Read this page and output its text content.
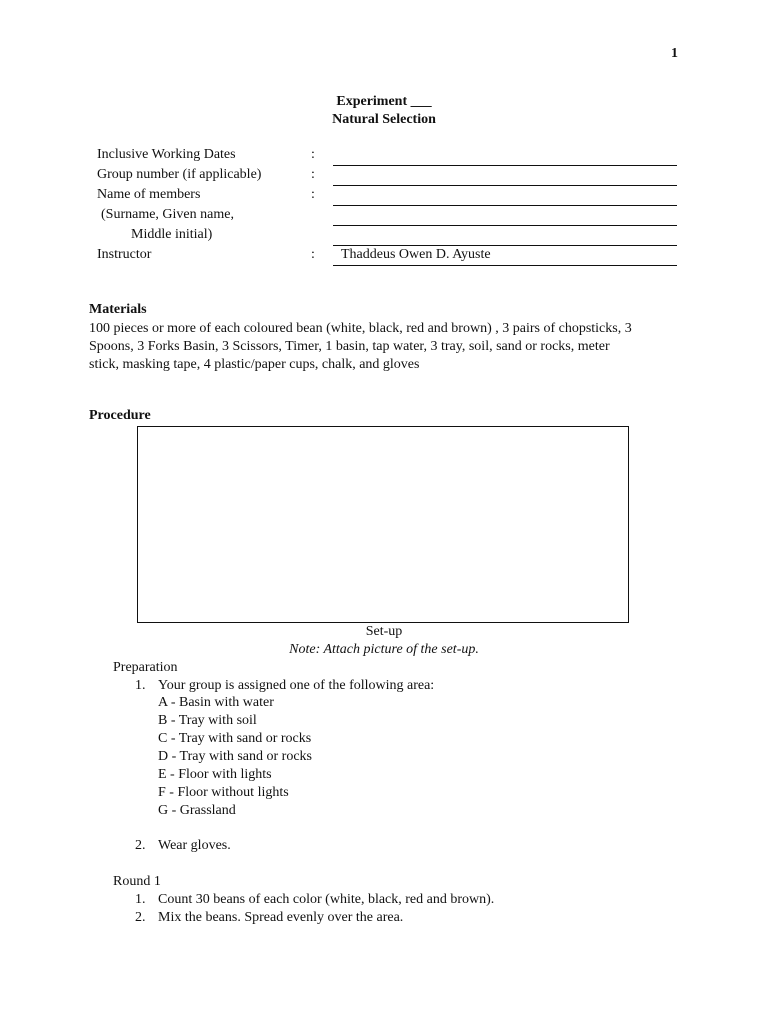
1
Experiment ___
Natural Selection
Inclusive Working Dates	:
Group number (if applicable)	:
Name of members	:
(Surname, Given name,
Middle initial)
Instructor	: Thaddeus Owen D. Ayuste
Materials
100 pieces or more of each coloured bean (white, black, red and brown) , 3 pairs of chopsticks, 3
Spoons, 3 Forks Basin, 3 Scissors, Timer, 1 basin, tap water, 3 tray, soil, sand or rocks, meter
stick, masking tape, 4 plastic/paper cups, chalk, and gloves
Procedure
Set-up
Note: Attach picture of the set-up.
Preparation
1. Your group is assigned one of the following area:
A - Basin with water
B - Tray with soil
C - Tray with sand or rocks
D - Tray with sand or rocks
E - Floor with lights
F - Floor without lights
G - Grassland
2. Wear gloves.
Round 1
1. Count 30 beans of each color (white, black, red and brown).
2. Mix the beans. Spread evenly over the area.
